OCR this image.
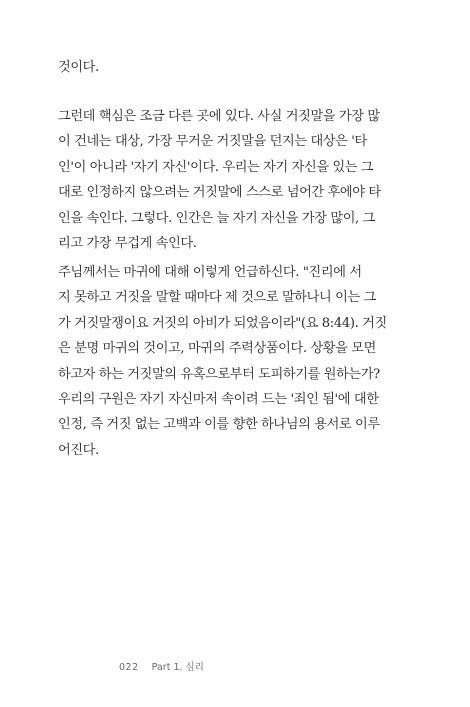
것이다.
그런데 핵심은 조금 다른 곳에 있다. 사실 거짓말을 가장 많
이 건네는 대상, 가장 무거운 거짓말을 던지는 대상은 '타
인'이 아니라 '자기 자신'이다. 우리는 자기 자신을 있는 그
대로 인정하지 않으려는 거짓말에 스스로 넘어간 후에야 타
인을 속인다. 그렇다. 인간은 늘 자기 자신을 가장 많이, 그
리고 가장 무겁게 속인다.
주님께서는 마귀에 대해 이렇게 언급하신다. "진리에 서
지 못하고 거짓을 말할 때마다 제 것으로 말하나니 이는 그
가 거짓말쟁이요 거짓의 아비가 되었음이라"(요 8:44). 거짓
은 분명 마귀의 것이고, 마귀의 주력상품이다. 상황을 모면
하고자 하는 거짓말의 유혹으로부터 도피하기를 원하는가?
우리의 구원은 자기 자신마저 속이려 드는 '죄인 됨'에 대한
인정, 즉 거짓 없는 고백과 이를 향한 하나님의 용서로 이루
어진다.
022 Part 1. 심리
